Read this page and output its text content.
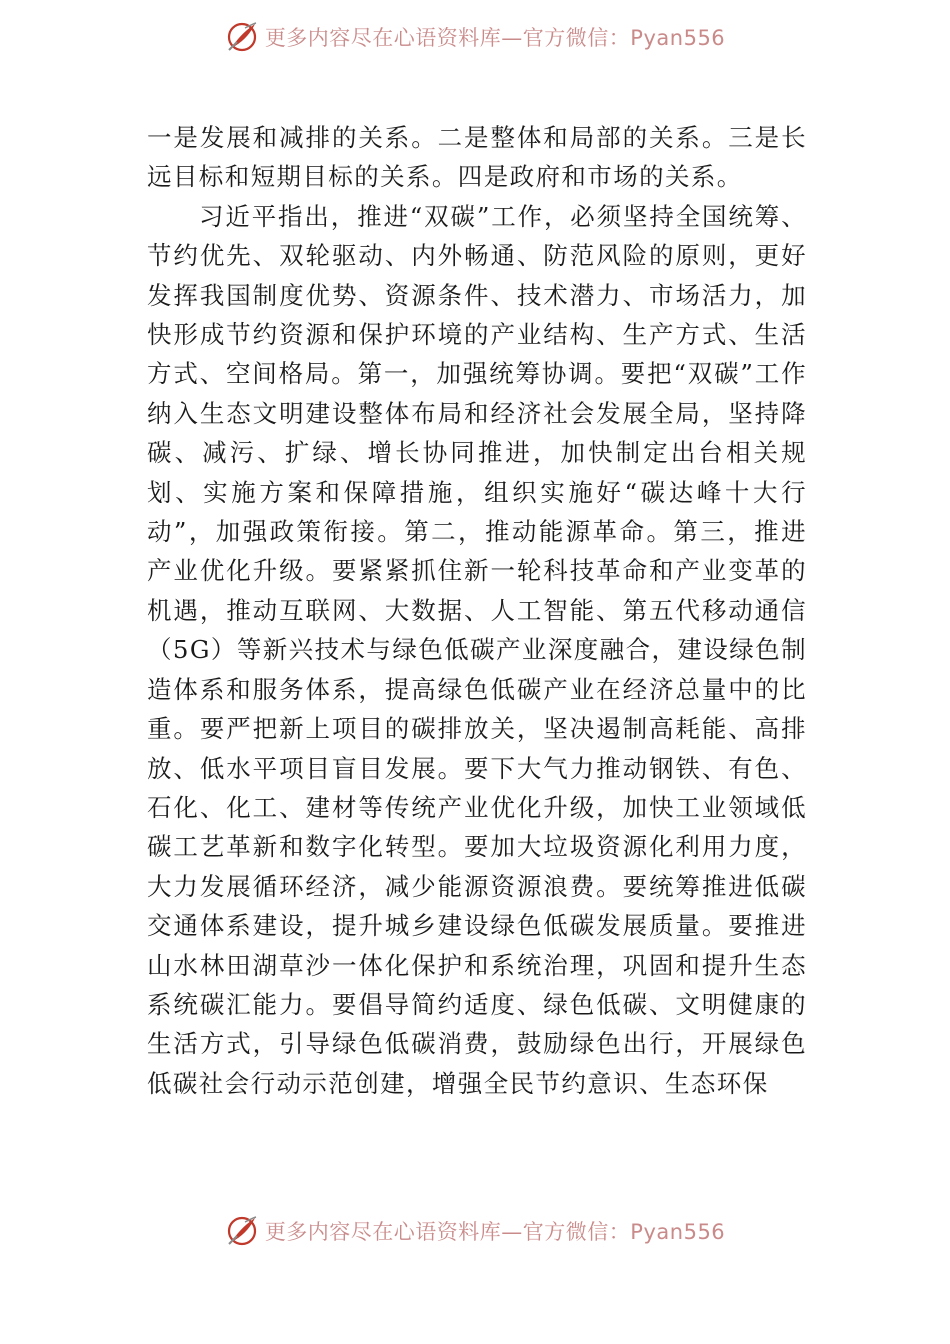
更多内容尽在心语资料库—官方微信：Pyan556

一是发展和减排的关系。二是整体和局部的关系。三是长远目标和短期目标的关系。四是政府和市场的关系。

习近平指出，推进“双碳”工作，必须坚持全国统筹、节约优先、双轮驱动、内外畅通、防范风险的原则，更好发挥我国制度优势、资源条件、技术潜力、市场活力，加快形成节约资源和保护环境的产业结构、生产方式、生活方式、空间格局。第一，加强统筹协调。要把“双碳”工作纳入生态文明建设整体布局和经济社会发展全局，坚持降碳、减污、扩绿、增长协同推进，加快制定出台相关规划、实施方案和保障措施，组织实施好“碳达峰十大行动”，加强政策衔接。第二，推动能源革命。第三，推进产业优化升级。要紧紧抓住新一轮科技革命和产业变革的机遇，推动互联网、大数据、人工智能、第五代移动通信（5G）等新兴技术与绿色低碳产业深度融合，建设绿色制造体系和服务体系，提高绿色低碳产业在经济总量中的比重。要严把新上项目的碳排放关，坚决遏制高耗能、高排放、低水平项目盲目发展。要下大气力推动钢铁、有色、石化、化工、建材等传统产业优化升级，加快工业领域低碳工艺革新和数字化转型。要加大垃圾资源化利用力度，大力发展循环经济，减少能源资源浪费。要统筹推进低碳交通体系建设，提升城乡建设绿色低碳发展质量。要推进山水林田湖草沙一体化保护和系统治理，巩固和提升生态系统碳汇能力。要倡导简约适度、绿色低碳、文明健康的生活方式，引导绿色低碳消费，鼓励绿色出行，开展绿色低碳社会行动示范创建，增强全民节约意识、生态环保

更多内容尽在心语资料库—官方微信：Pyan556
